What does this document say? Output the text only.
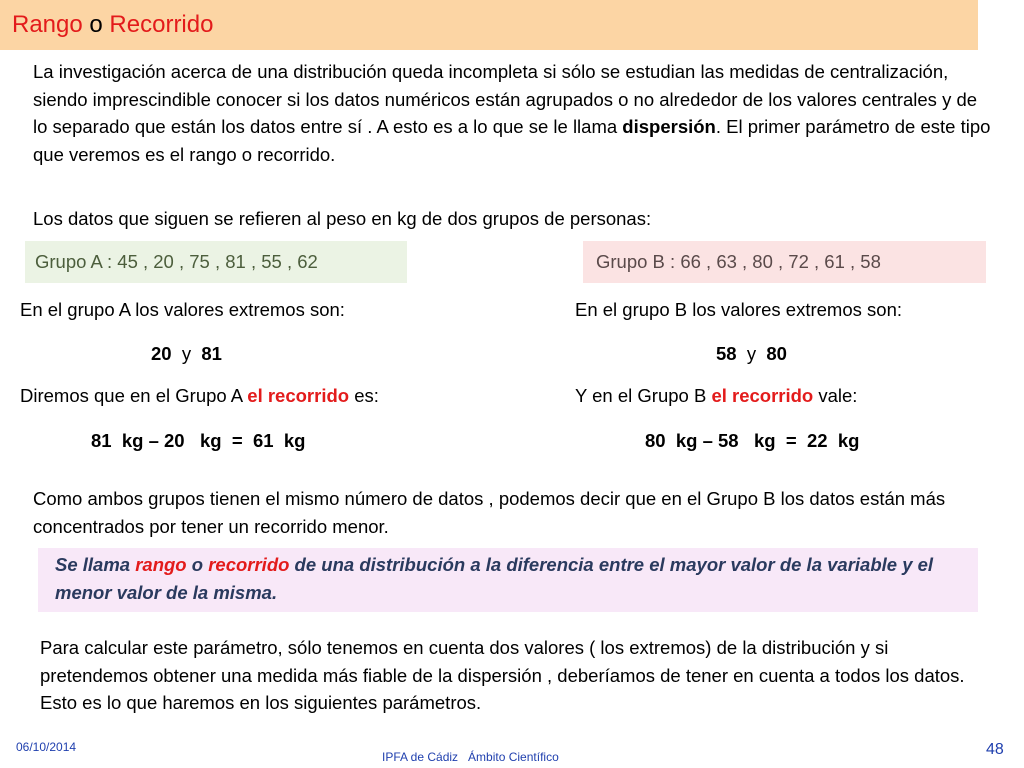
Rango o Recorrido
La investigación acerca de una distribución queda incompleta si sólo se estudian las medidas de centralización, siendo imprescindible conocer si los datos numéricos están agrupados o no alrededor de los valores centrales y de lo separado que están los datos entre sí . A esto es a lo que se le llama dispersión. El primer parámetro de este tipo que veremos es el rango o recorrido.
Los datos que siguen se refieren al peso en kg de dos grupos de personas:
Grupo A : 45 , 20 , 75 , 81 , 55 , 62	Grupo B : 66 , 63 , 80 , 72 , 61 , 58
En el grupo A los valores extremos son:
20 y 81
Diremos que en el Grupo A el recorrido es:
81  kg – 20   kg  =  61  kg
En el grupo B los valores extremos son:
58 y 80
Y en el Grupo B el recorrido vale:
80  kg – 58   kg  =  22  kg
Como ambos grupos tienen el mismo número de datos , podemos decir que en el Grupo B los datos están más concentrados por tener un recorrido menor.
Se llama rango o recorrido de una distribución a la diferencia entre el mayor valor de la variable y el menor valor de la misma.
Para calcular este parámetro, sólo tenemos en cuenta dos valores ( los extremos) de la distribución y si pretendemos obtener una medida más fiable de la dispersión , deberíamos de tener en cuenta a todos los datos. Esto es lo que haremos en los siguientes parámetros.
06/10/2014
IPFA de Cádiz   Ámbito Científico	48
